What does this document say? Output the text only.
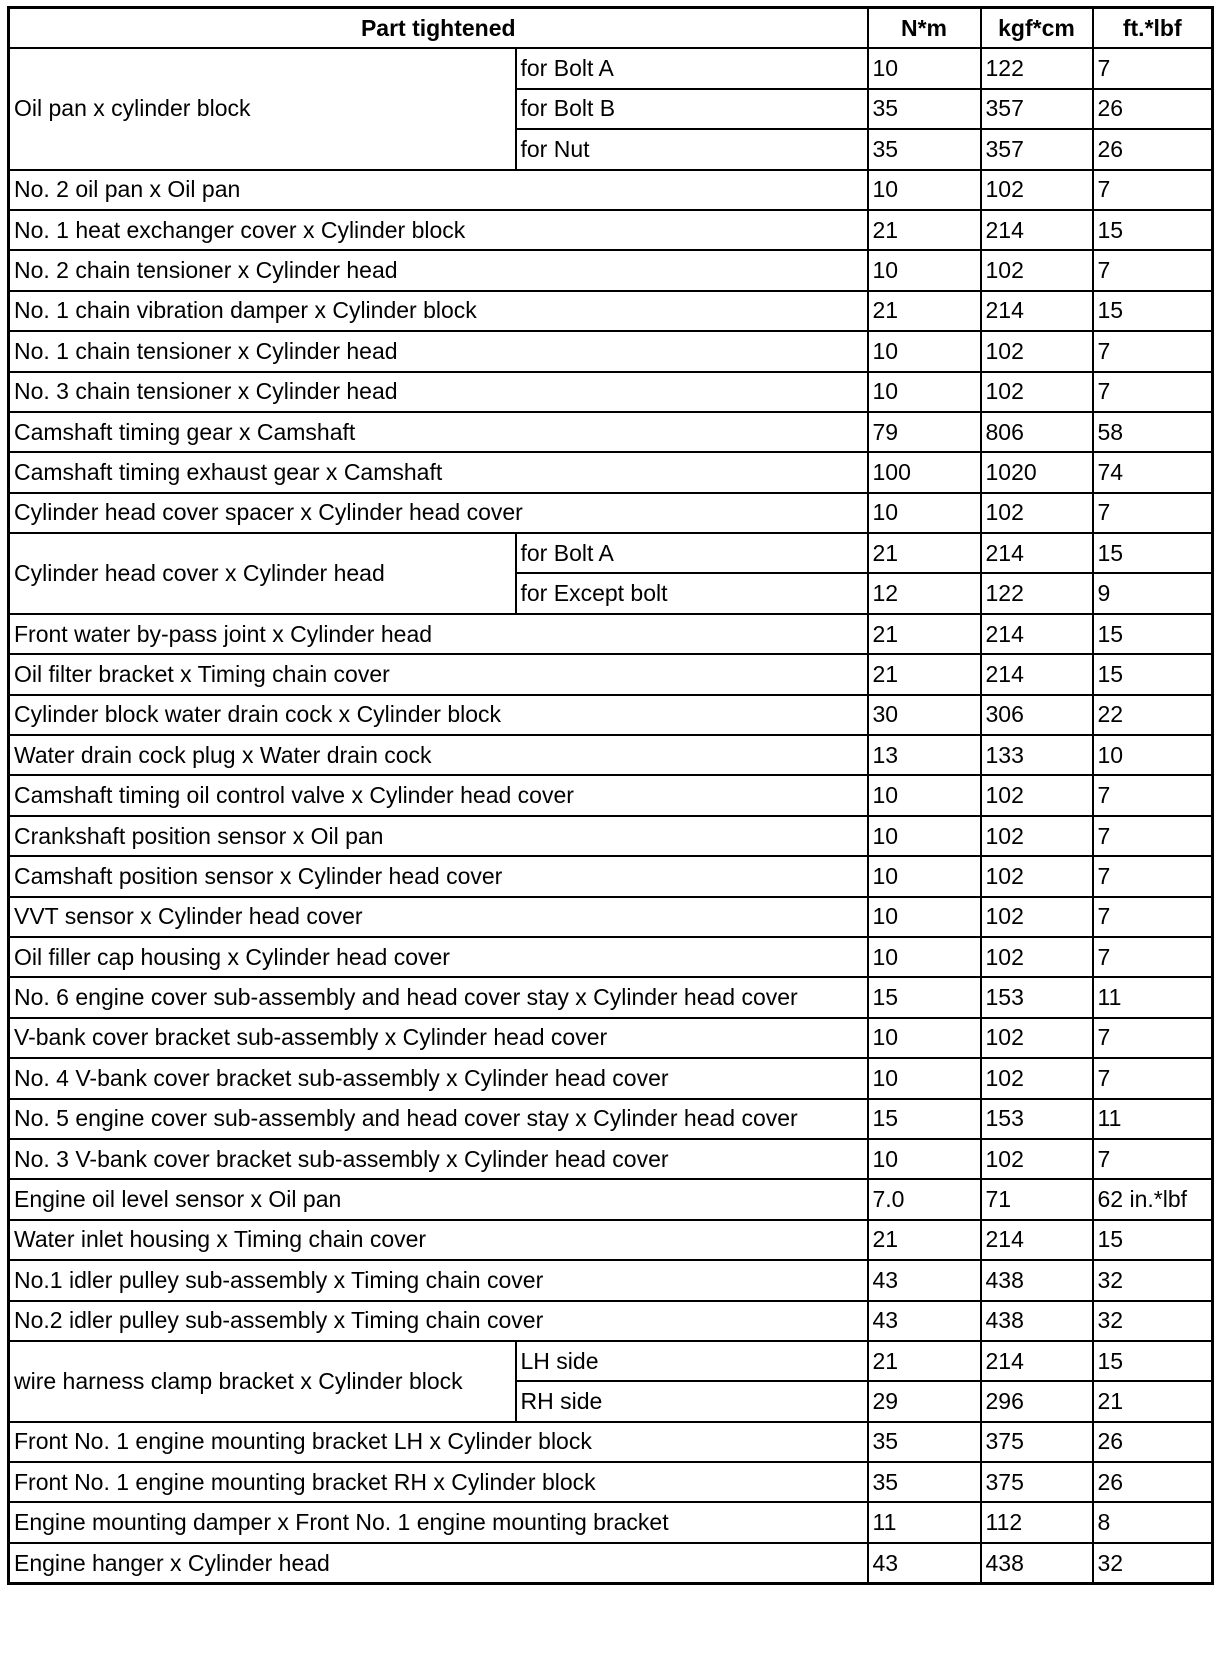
Part tightened		N*m	kgf*cm	ft.*lbf
Oil pan x cylinder block	for Bolt A	10	122	7
	for Bolt B	35	357	26
	for Nut	35	357	26
No. 2 oil pan x Oil pan		10	102	7
No. 1 heat exchanger cover x Cylinder block		21	214	15
No. 2 chain tensioner x Cylinder head		10	102	7
No. 1 chain vibration damper x Cylinder block		21	214	15
No. 1 chain tensioner x Cylinder head		10	102	7
No. 3 chain tensioner x Cylinder head		10	102	7
Camshaft timing gear x Camshaft		79	806	58
Camshaft timing exhaust gear x Camshaft		100	1020	74
Cylinder head cover spacer x Cylinder head cover		10	102	7
Cylinder head cover x Cylinder head	for Bolt A	21	214	15
	for Except bolt	12	122	9
Front water by-pass joint x Cylinder head		21	214	15
Oil filter bracket x Timing chain cover		21	214	15
Cylinder block water drain cock x Cylinder block		30	306	22
Water drain cock plug x Water drain cock		13	133	10
Camshaft timing oil control valve x Cylinder head cover		10	102	7
Crankshaft position sensor x Oil pan		10	102	7
Camshaft position sensor x Cylinder head cover		10	102	7
VVT sensor x Cylinder head cover		10	102	7
Oil filler cap housing x Cylinder head cover		10	102	7
No. 6 engine cover sub-assembly and head cover stay x Cylinder head cover		15	153	11
V-bank cover bracket sub-assembly x Cylinder head cover		10	102	7
No. 4 V-bank cover bracket sub-assembly x Cylinder head cover		10	102	7
No. 5 engine cover sub-assembly and head cover stay x Cylinder head cover		15	153	11
No. 3 V-bank cover bracket sub-assembly x Cylinder head cover		10	102	7
Engine oil level sensor x Oil pan		7.0	71	62 in.*lbf
Water inlet housing x Timing chain cover		21	214	15
No.1 idler pulley sub-assembly x Timing chain cover		43	438	32
No.2 idler pulley sub-assembly x Timing chain cover		43	438	32
wire harness clamp bracket x Cylinder block	LH side	21	214	15
	RH side	29	296	21
Front No. 1 engine mounting bracket LH x Cylinder block		35	375	26
Front No. 1 engine mounting bracket RH x Cylinder block		35	375	26
Engine mounting damper x Front No. 1 engine mounting bracket		11	112	8
Engine hanger x Cylinder head		43	438	32
